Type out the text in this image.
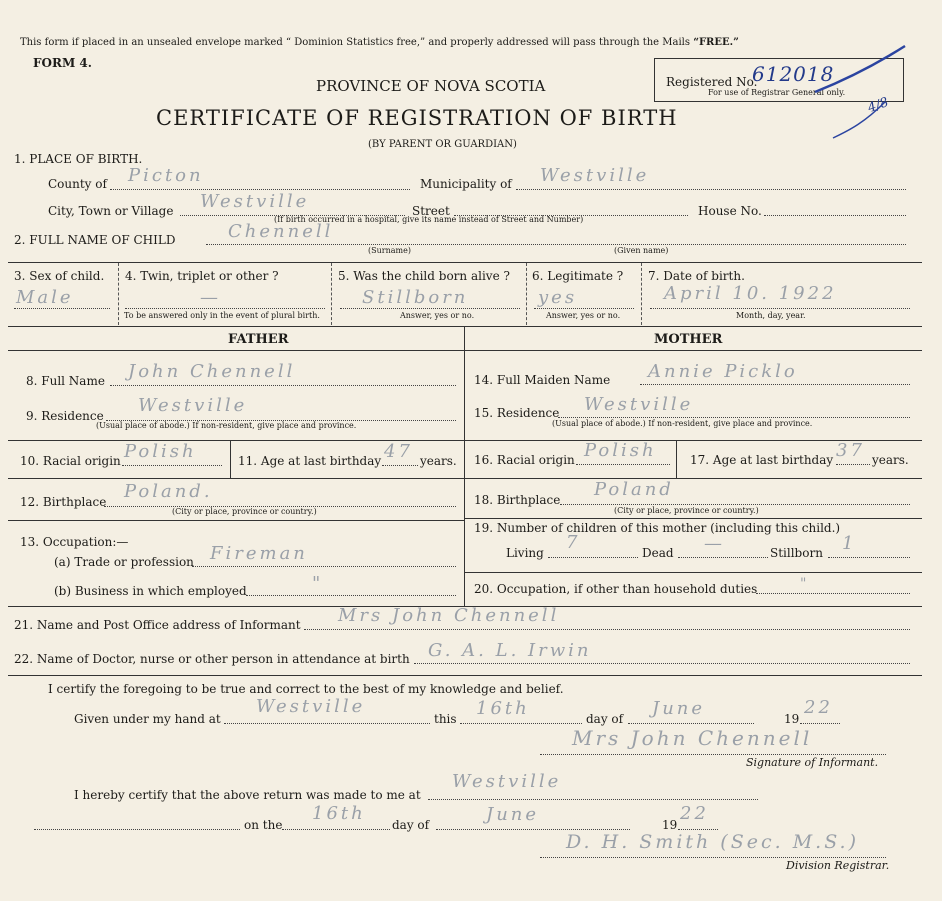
This form if placed in an unsealed envelope marked “ Dominion Statistics free,” and properly addressed will pass through the Mails “FREE.”
FORM 4.
PROVINCE OF NOVA SCOTIA
CERTIFICATE OF REGISTRATION OF BIRTH
(BY PARENT OR GUARDIAN)
Registered No.
612018
For use of Registrar General only.
4/8
1. PLACE OF BIRTH.
County of Picton	Municipality of Westville
City, Town or Village Westville	Street
(If birth occurred in a hospital, give its name instead of Street and Number)
House No.
2. FULL NAME OF CHILD	Chennell
(Surname)	(Given name)
3. Sex of child.
Male
4. Twin, triplet or other ?
—
To be answered only in the event of plural birth.
5. Was the child born alive ?
Stillborn
Answer, yes or no.
6. Legitimate ?
yes
Answer, yes or no.
7. Date of birth.
April 10. 1922
Month, day, year.
FATHER	MOTHER
8. Full Name John Chennell
9. Residence Westville
(Usual place of abode.) If non-resident, give place and province.
10. Racial origin Polish	11. Age at last birthday 47 years.
12. Birthplace Poland.
(City or place, province or country.)
13. Occupation:—
(a) Trade or profession Fireman
(b) Business in which employed	"
14. Full Maiden Name Annie Picklo
15. Residence Westville
(Usual place of abode.) If non-resident, give place and province.
16. Racial origin Polish	17. Age at last birthday 37 years.
18. Birthplace Poland
(City or place, province or country.)
19. Number of children of this mother (including this child.)
Living 7	Dead —	Stillborn 1
20. Occupation, if other than household duties	"
21. Name and Post Office address of Informant Mrs John Chennell
22. Name of Doctor, nurse or other person in attendance at birth G. A. L. Irwin
I certify the foregoing to be true and correct to the best of my knowledge and belief.
Given under my hand at
Westville
this 16th	day of June	19
22
Mrs John Chennell
Signature of Informant.
I hereby certify that the above return was made to me at
Westville
on the
16th
day of	June	19
22
D. H. Smith (Sec. M.S.)
Division Registrar.
